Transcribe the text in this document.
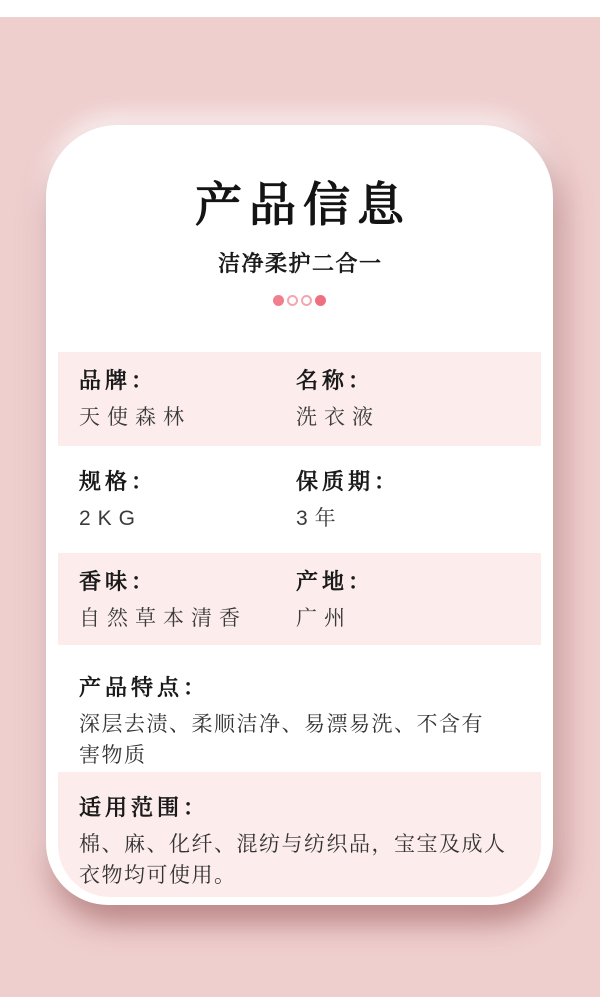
产品信息
洁净柔护二合一
品牌：
天使森林
名称：
洗衣液
规格：
2KG
保质期：
3年
香味：
自然草本清香
产地：
广州
产品特点：
深层去渍、柔顺洁净、易漂易洗、不含有害物质
适用范围：
棉、麻、化纤、混纺与纺织品，宝宝及成人衣物均可使用。
